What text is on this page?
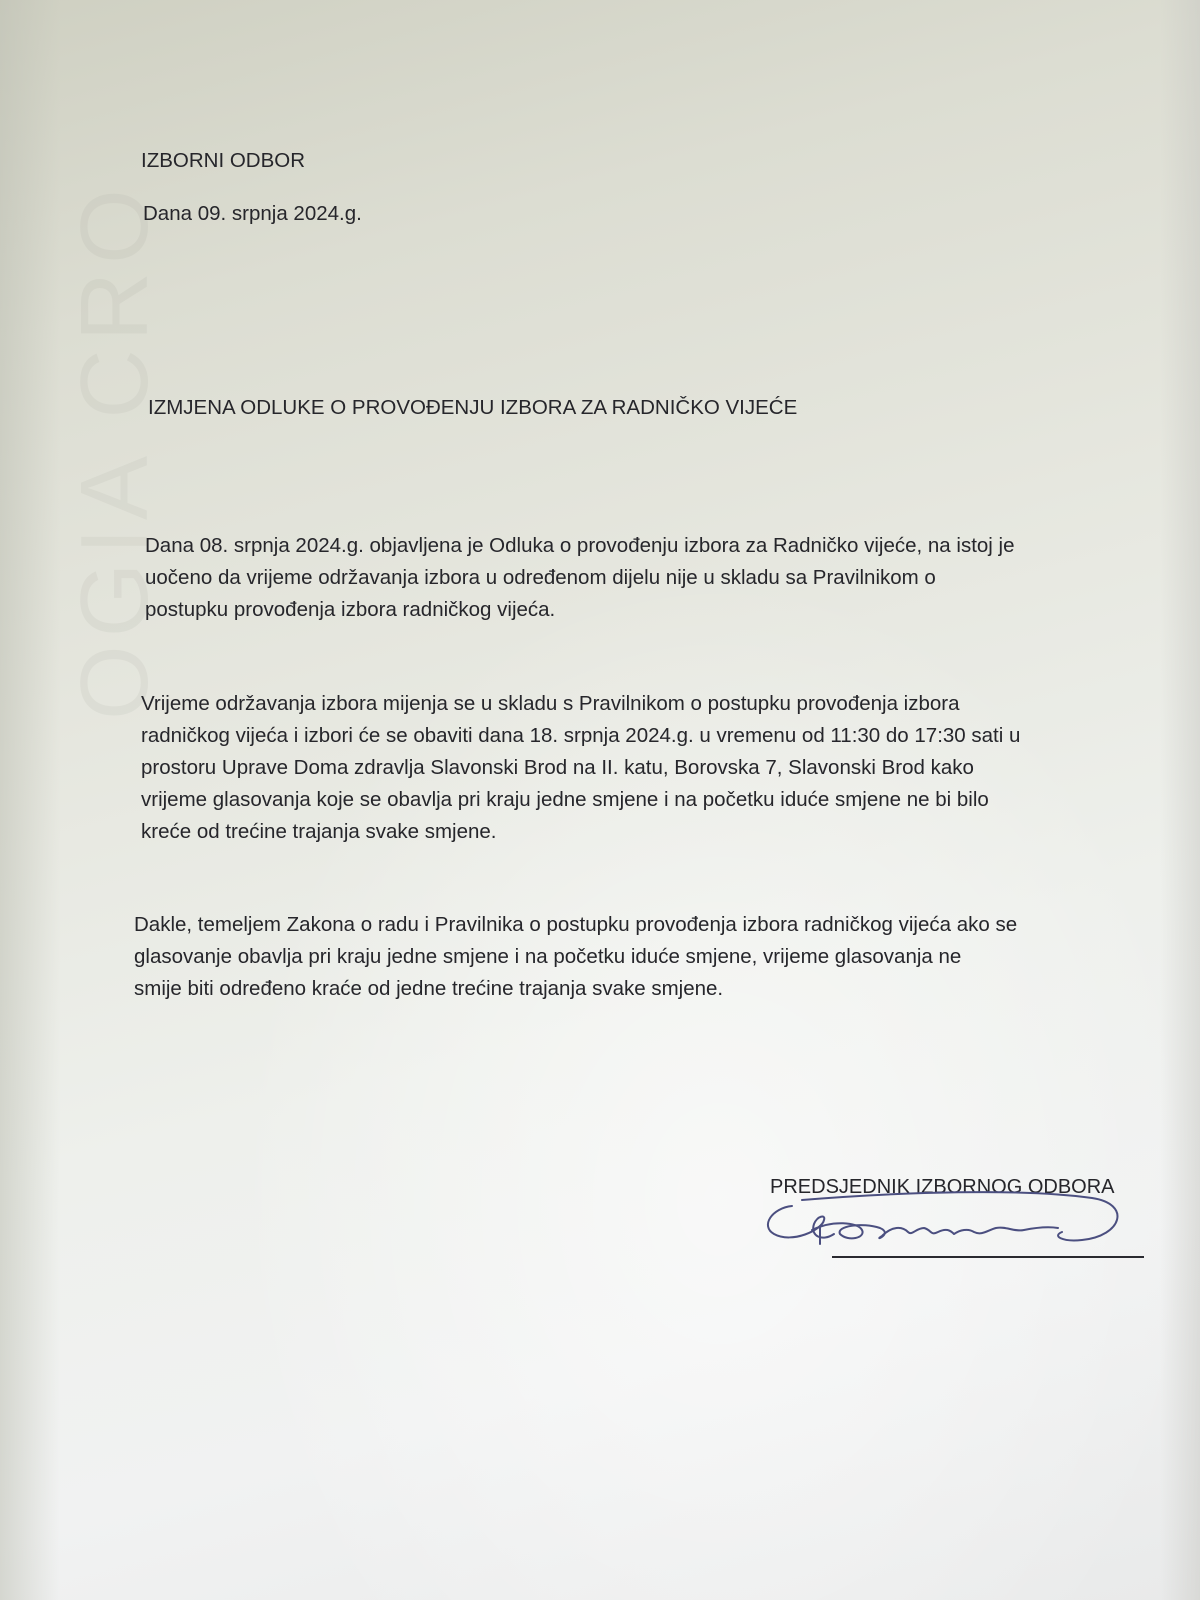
OGIA CRO
IZBORNI ODBOR
Dana 09. srpnja 2024.g.
IZMJENA ODLUKE O PROVOĐENJU IZBORA ZA RADNIČKO VIJEĆE
Dana 08. srpnja 2024.g. objavljena je Odluka o provođenju izbora za Radničko vijeće, na istoj je
uočeno da vrijeme održavanja izbora u određenom dijelu nije u skladu sa Pravilnikom o
postupku provođenja izbora radničkog vijeća.
Vrijeme održavanja izbora mijenja se u skladu s Pravilnikom o postupku provođenja izbora
radničkog vijeća i izbori će se obaviti dana 18. srpnja 2024.g. u vremenu od 11:30 do 17:30 sati u
prostoru Uprave Doma zdravlja Slavonski Brod na II. katu, Borovska 7, Slavonski Brod kako
vrijeme glasovanja koje se obavlja pri kraju jedne smjene i na početku iduće smjene ne bi bilo
kreće od trećine trajanja svake smjene.
Dakle, temeljem Zakona o radu i Pravilnika o postupku provođenja izbora radničkog vijeća ako se
glasovanje obavlja pri kraju jedne smjene i na početku iduće smjene, vrijeme glasovanja ne
smije biti određeno kraće od jedne trećine trajanja svake smjene.
PREDSJEDNIK IZBORNOG ODBORA
